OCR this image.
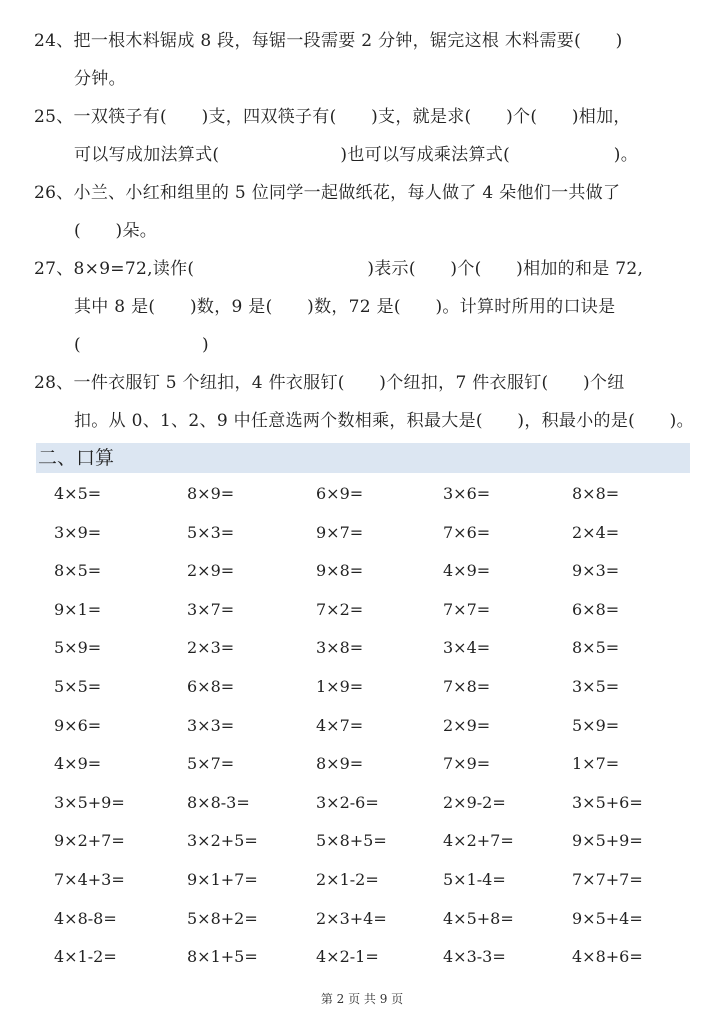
24、把一根木料锯成 8 段，每锯一段需要 2 分钟，锯完这根 木料需要(　　)
分钟。
25、一双筷子有(　　)支，四双筷子有(　　)支，就是求(　　)个(　　)相加，
可以写成加法算式(　　　　　　　)也可以写成乘法算式(　　　　　　)。
26、小兰、小红和组里的 5 位同学一起做纸花，每人做了 4 朵他们一共做了
(　　)朵。
27、8×9=72,读作(　　　　　　　　　　)表示(　　)个(　　)相加的和是 72,
其中 8 是(　　)数，9 是(　　)数，72 是(　　)。计算时所用的口诀是
(　　　　　　　)
28、一件衣服钉 5 个纽扣，4 件衣服钉(　　)个纽扣，7 件衣服钉(　　)个纽
扣。从 0、1、2、9 中任意选两个数相乘，积最大是(　　)，积最小的是(　　)。
二、口算
4×5=	8×9=	6×9=	3×6=	8×8=
3×9=	5×3=	9×7=	7×6=	2×4=
8×5=	2×9=	9×8=	4×9=	9×3=
9×1=	3×7=	7×2=	7×7=	6×8=
5×9=	2×3=	3×8=	3×4=	8×5=
5×5=	6×8=	1×9=	7×8=	3×5=
9×6=	3×3=	4×7=	2×9=	5×9=
4×9=	5×7=	8×9=	7×9=	1×7=
3×5+9=	8×8-3=	3×2-6=	2×9-2=	3×5+6=
9×2+7=	3×2+5=	5×8+5=	4×2+7=	9×5+9=
7×4+3=	9×1+7=	2×1-2=	5×1-4=	7×7+7=
4×8-8=	5×8+2=	2×3+4=	4×5+8=	9×5+4=
4×1-2=	8×1+5=	4×2-1=	4×3-3=	4×8+6=
第 2 页 共 9 页
